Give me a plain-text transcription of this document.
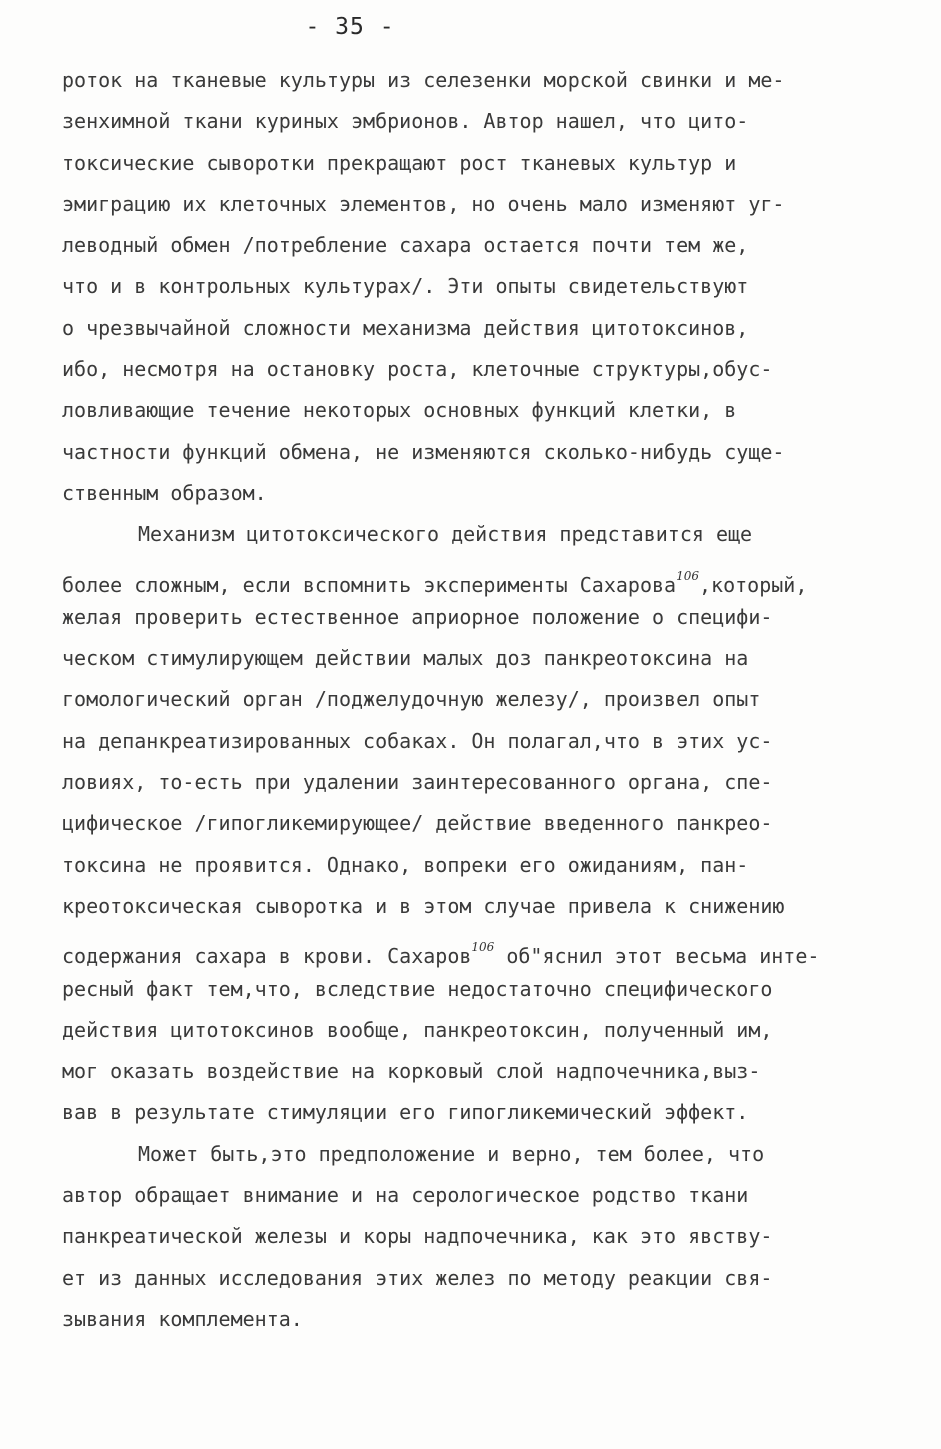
- 35 -
роток на тканевые культуры из селезенки морской свинки и ме-
зенхимной ткани куриных эмбрионов. Автор нашел, что цито-
токсические сыворотки прекращают рост тканевых культур и
эмиграцию их клеточных элементов, но очень мало изменяют уг-
леводный обмен /потребление сахара остается почти тем же,
что и в контрольных культурах/. Эти опыты свидетельствуют
о чрезвычайной сложности механизма действия цитотоксинов,
ибо, несмотря на остановку роста, клеточные структуры,обус-
ловливающие течение некоторых основных функций клетки, в
частности функций обмена, не изменяются сколько-нибудь суще-
ственным образом.
Механизм цитотоксического действия представится еще
более сложным, если вспомнить эксперименты Сахарова$^{106}$,который,
желая проверить естественное априорное положение о специфи-
ческом стимулирующем действии малых доз панкреотоксина на
гомологический орган /поджелудочную железу/, произвел опыт
на депанкреатизированных собаках. Он полагал,что в этих ус-
ловиях, то-есть при удалении заинтересованного органа, спе-
цифическое /гипогликемирующее/ действие введенного панкрео-
токсина не проявится. Однако, вопреки его ожиданиям, пан-
креотоксическая сыворотка и в этом случае привела к снижению
содержания сахара в крови. Сахаров$^{106}$ об"яснил этот весьма инте-
ресный факт тем,что, вследствие недостаточно специфического
действия цитотоксинов вообще, панкреотоксин, полученный им,
мог оказать воздействие на корковый слой надпочечника,выз-
вав в результате стимуляции его гипогликемический эффект.
Может быть,это предположение и верно, тем более, что
автор обращает внимание и на серологическое родство ткани
панкреатической железы и коры надпочечника, как это явству-
ет из данных исследования этих желез по методу реакции свя-
зывания комплемента.
